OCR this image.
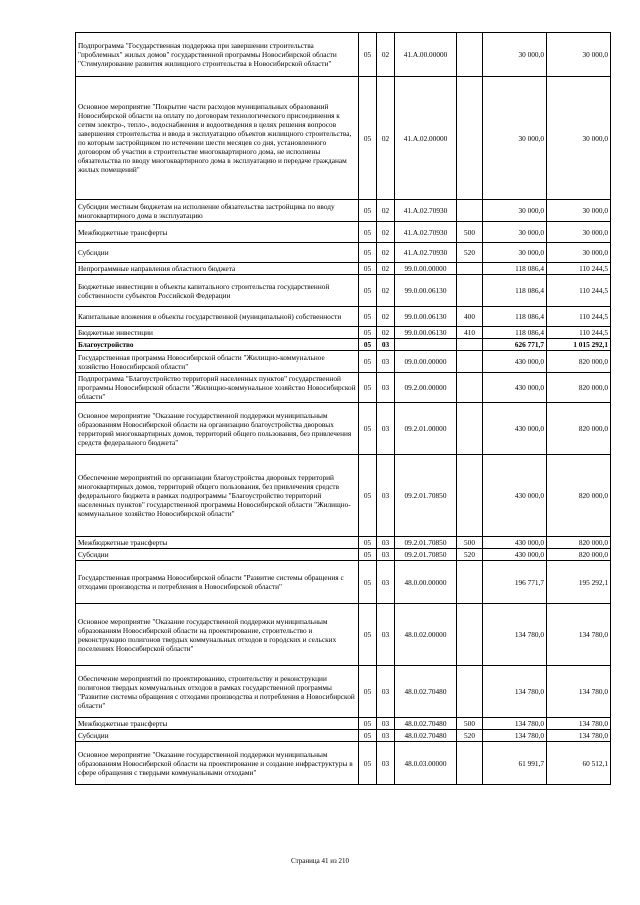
Подпрограмма "Государственная поддержка при завершении строительства "проблемных" жилых домов" государственной программы Новосибирской области "Стимулирование развития жилищного строительства в Новосибирской области"	05	02	41.А.00.00000		30 000,0	30 000,0
Основное мероприятие "Покрытие части расходов муниципальных образований Новосибирской области на оплату по договорам технологического присоединения к сетям электро-, тепло-, водоснабжения и водоотведения в целях решения вопросов завершения строительства и ввода в эксплуатацию объектов жилищного строительства, по которым застройщиком по истечении шести месяцев со дня, установленного договором об участии в строительстве многоквартирного дома, не исполнены обязательства по вводу многоквартирного дома в эксплуатацию и передаче гражданам жилых помещений"	05	02	41.А.02.00000		30 000,0	30 000,0
Субсидии местным бюджетам на исполнение обязательства застройщика по вводу многоквартирного дома в эксплуатацию	05	02	41.А.02.70930		30 000,0	30 000,0
Межбюджетные трансферты	05	02	41.А.02.70930	500	30 000,0	30 000,0
Субсидии	05	02	41.А.02.70930	520	30 000,0	30 000,0
Непрограммные направления областного бюджета	05	02	99.0.00.00000		118 086,4	110 244,5
Бюджетные инвестиции в объекты капитального строительства государственной собственности субъектов Российской Федерации	05	02	99.0.00.06130		118 086,4	110 244,5
Капитальные вложения в объекты государственной (муниципальной) собственности	05	02	99.0.00.06130	400	118 086,4	110 244,5
Бюджетные инвестиции	05	02	99.0.00.06130	410	118 086,4	110 244,5
Благоустройство	05	03			626 771,7	1 015 292,1
Государственная программа Новосибирской области "Жилищно-коммунальное хозяйство Новосибирской области"	05	03	09.0.00.00000		430 000,0	820 000,0
Подпрограмма "Благоустройство территорий населенных пунктов" государственной программы Новосибирской области "Жилищно-коммунальное хозяйство Новосибирской области"	05	03	09.2.00.00000		430 000,0	820 000,0
Основное мероприятие "Оказание государственной поддержки муниципальным образованиям Новосибирской области на организацию благоустройства дворовых территорий многоквартирных домов, территорий общего пользования, без привлечения средств федерального бюджета"	05	03	09.2.01.00000		430 000,0	820 000,0
Обеспечение мероприятий по организации благоустройства дворовых территорий многоквартирных домов, территорий общего пользования, без привлечения средств федерального бюджета в рамках подпрограммы "Благоустройство территорий населенных пунктов" государственной программы Новосибирской области "Жилищно-коммунальное хозяйство Новосибирской области"	05	03	09.2.01.70850		430 000,0	820 000,0
Межбюджетные трансферты	05	03	09.2.01.70850	500	430 000,0	820 000,0
Субсидии	05	03	09.2.01.70850	520	430 000,0	820 000,0
Государственная программа Новосибирской области "Развитие системы обращения с отходами производства и потребления в Новосибирской области"	05	03	48.0.00.00000		196 771,7	195 292,1
Основное мероприятие "Оказание государственной поддержки муниципальным образованиям Новосибирской области на проектирование, строительство и реконструкцию полигонов твердых коммунальных отходов в городских и сельских поселениях Новосибирской области"	05	03	48.0.02.00000		134 780,0	134 780,0
Обеспечение мероприятий по проектированию, строительству и реконструкции полигонов твердых коммунальных отходов в рамках государственной программы "Развитие системы обращения с отходами производства и потребления в Новосибирской области"	05	03	48.0.02.70480		134 780,0	134 780,0
Межбюджетные трансферты	05	03	48.0.02.70480	500	134 780,0	134 780,0
Субсидии	05	03	48.0.02.70480	520	134 780,0	134 780,0
Основное мероприятие "Оказание государственной поддержки муниципальным образованиям Новосибирской области на проектирование и создание инфраструктуры в сфере обращения с твердыми коммунальными отходами"	05	03	48.0.03.00000		61 991,7	60 512,1
Страница 41 из 210
